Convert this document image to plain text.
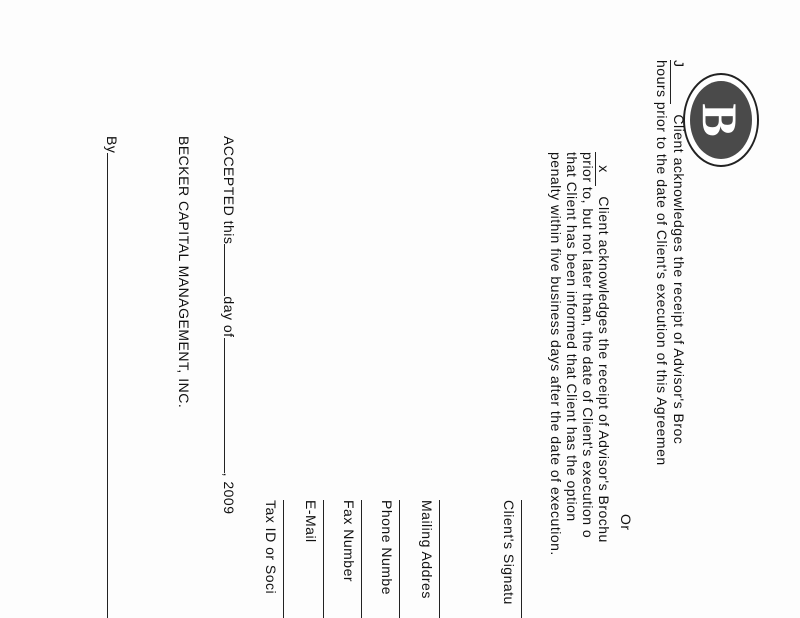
B
J Client acknowledges the receipt of Advisor's Broc
hours prior to the date of Client's execution of this Agreemen
Or
x Client acknowledges the receipt of Advisor's Brochu
prior to, but not later than, the date of Client's execution o
that Client has been informed that Client has the option
penalty within five business days after the date of execution.
Client's Signatu
Mailing Addres
Phone Numbe
Fax Number
E-Mail
Tax ID or Soci
ACCEPTED thisday of, 2009
BECKER CAPITAL MANAGEMENT, INC.
By
